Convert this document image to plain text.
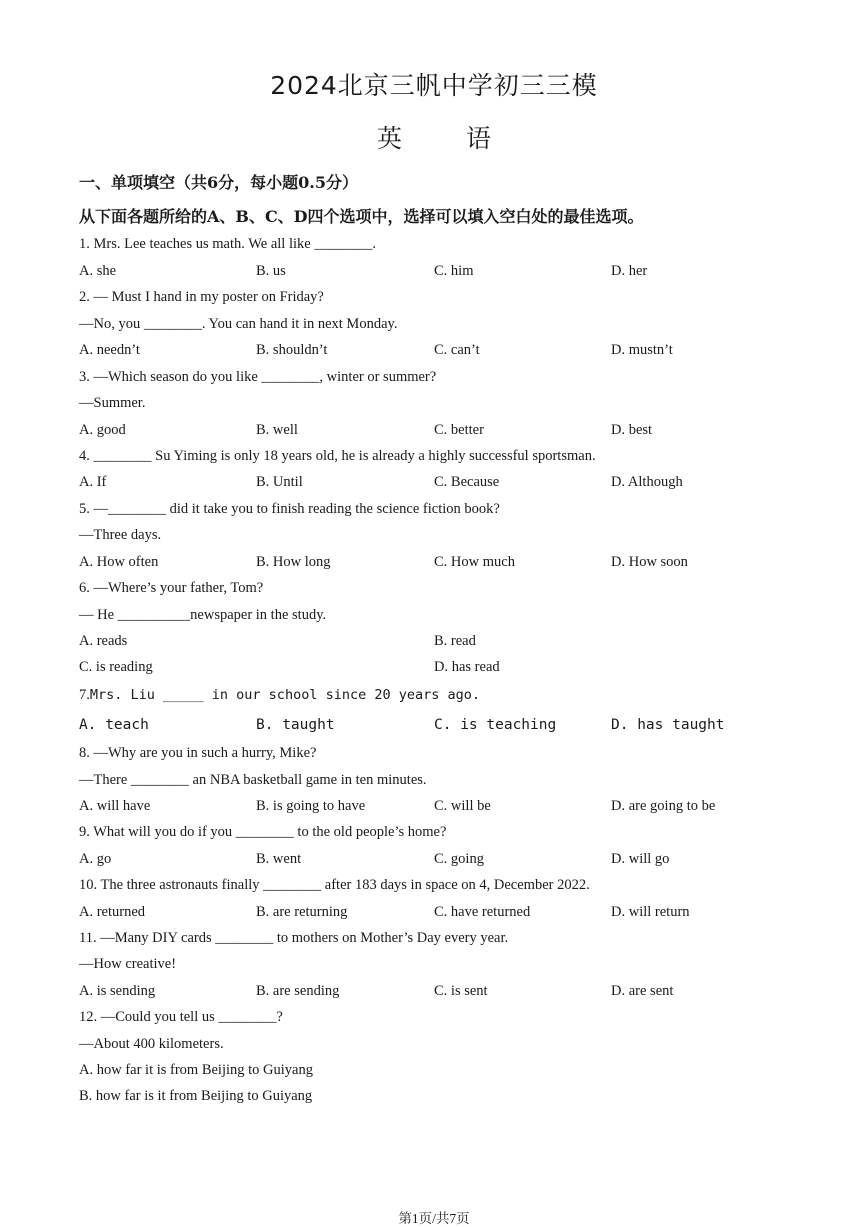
2024北京三帆中学初三三模
英	语
一、单项填空（共6分，每小题0.5分）
从下面各题所给的A、B、C、D四个选项中，选择可以填入空白处的最佳选项。
1. Mrs. Lee teaches us math. We all like ________.
A. she	B. us	C. him	D. her
2. — Must I hand in my poster on Friday?
—No, you ________. You can hand it in next Monday.
A. needn’t	B. shouldn’t	C. can’t	D. mustn’t
3. —Which season do you like ________, winter or summer?
—Summer.
A. good	B. well	C. better	D. best
4. ________ Su Yiming is only 18 years old, he is already a highly successful sportsman.
A. If	B. Until	C. Because	D. Although
5. —________ did it take you to finish reading the science fiction book?
—Three days.
A. How often	B. How long	C. How much	D. How soon
6. —Where’s your father, Tom?
— He __________newspaper in the study.
A. reads	B. read
C. is reading	D. has read
7.Mrs. Liu _____ in our school since 20 years ago.
A. teach	B. taught	C. is teaching	D. has taught
8. —Why are you in such a hurry, Mike?
—There ________ an NBA basketball game in ten minutes.
A. will have	B. is going to have	C. will be	D. are going to be
9. What will you do if you ________ to the old people’s home?
A. go	B. went	C. going	D. will go
10. The three astronauts finally ________ after 183 days in space on 4, December 2022.
A. returned	B. are returning	C. have returned	D. will return
11. —Many DIY cards ________ to mothers on Mother’s Day every year.
—How creative!
A. is sending	B. are sending	C. is sent	D. are sent
12. —Could you tell us ________?
—About 400 kilometers.
A. how far it is from Beijing to Guiyang
B. how far is it from Beijing to Guiyang
第1页/共7页
